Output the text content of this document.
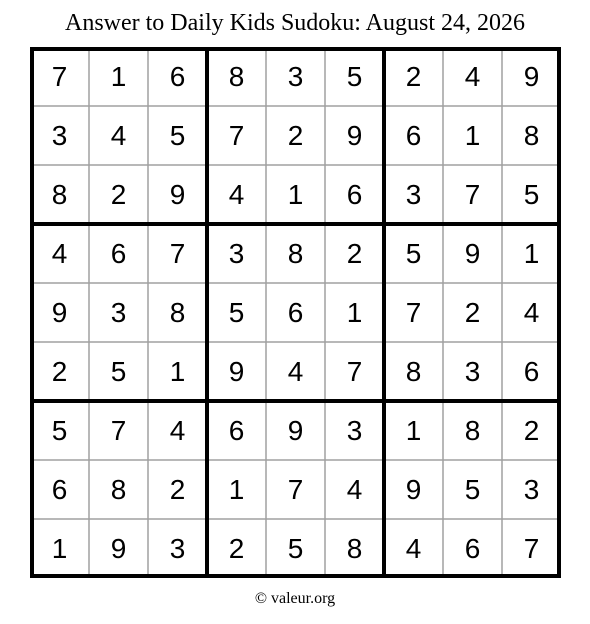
Answer to Daily Kids Sudoku: August 24, 2026
7	1	6	8	3	5	2	4	9
3	4	5	7	2	9	6	1	8
8	2	9	4	1	6	3	7	5
4	6	7	3	8	2	5	9	1
9	3	8	5	6	1	7	2	4
2	5	1	9	4	7	8	3	6
5	7	4	6	9	3	1	8	2
6	8	2	1	7	4	9	5	3
1	9	3	2	5	8	4	6	7
© valeur.org
